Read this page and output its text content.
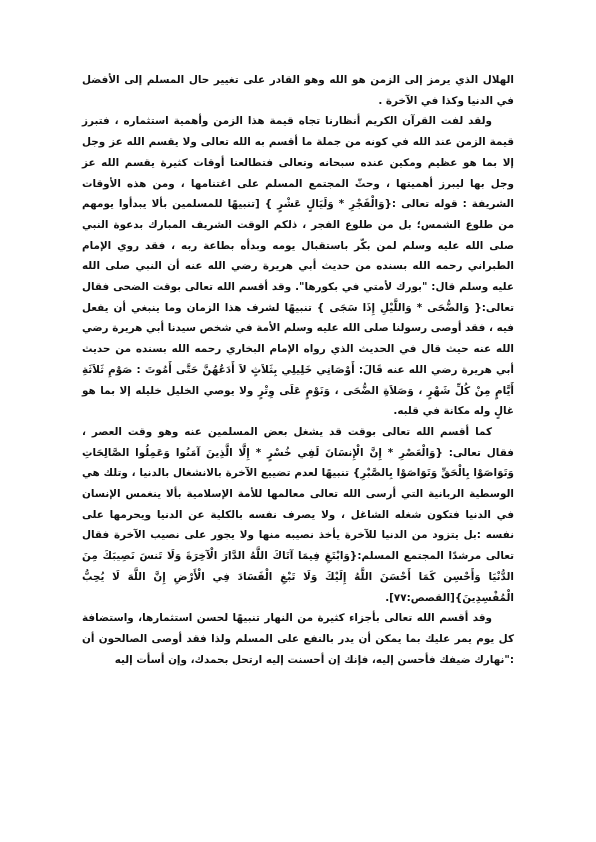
الهلال الذي يرمز إلى الزمن هو الله وهو القادر على تغيير حال المسلم إلى الأفضل في الدنيا وكذا في الآخرة .

ولقد لفت القرآن الكريم أنظارنا تجاه قيمة هذا الزمن وأهمية استثماره ، فتبرز قيمة الزمن عند الله في كونه من جملة ما أقسم به الله تعالى ولا يقسم الله عز وجل إلا بما هو عظيم ومكين عنده سبحانه وتعالى فتطالعنا أوقات كثيرة يقسم الله عز وجل بها ليبرز أهميتها ، وحثّ المجتمع المسلم على اغتنامها ، ومن هذه الأوقات الشريفة : قوله تعالى :{وَالْفَجْرِ * وَلَيَالٍ عَشْرٍ } [تنبيهًا للمسلمين بألا يبدأوا يومهم من طلوع الشمس؛ بل من طلوع الفجر ، ذلكم الوقت الشريف المبارك بدعوة النبي صلى الله عليه وسلم لمن بكّر باستقبال يومه وبدأه بطاعة ربه ، فقد روي الإمام الطبراني رحمه الله بسنده من حديث أبي هريرة رضي الله عنه أن النبي صلى الله عليه وسلم قال: "بورك لأمتي في بكورها". وقد أقسم الله تعالى بوقت الضحى فقال تعالى:{ وَالضُّحَى * وَاللَّيْلِ إِذَا سَجَى } تنبيهًا لشرف هذا الزمان وما ينبغي أن يفعل فيه ، فقد أوصى رسولنا صلى الله عليه وسلم الأمة في شخص سيدنا أبي هريرة رضي الله عنه حيث قال في الحديث الذي رواه الإمام البخاري رحمه الله بسنده من حديث أبي هريرة رضي الله عنه قَالَ: أَوْصَانِي خَلِيلِي بِثَلاَثٍ لاَ أَدَعُهُنَّ حَتَّى أَمُوتَ : صَوْمِ ثَلاَثَةِ أَيَّامٍ مِنْ كُلِّ شَهْرٍ ، وَصَلاَةِ الضُّحَى ، وَنَوْمٍ عَلَى وِتْرٍ ولا يوصي الخليل خليله إلا بما هو غالٍ وله مكانة في قلبه.

كما أقسم الله تعالى بوقت قد يشغل بعض المسلمين عنه وهو وقت العصر ، فقال تعالى: {وَالْعَصْرِ * إِنَّ الْإِنسَانَ لَفِي خُسْرٍ * إِلَّا الَّذِينَ آمَنُوا وَعَمِلُوا الصَّالِحَاتِ وَتَوَاصَوْا بِالْحَقِّ وَتَوَاصَوْا بِالصَّبْرِ} تنبيهًا لعدم تضييع الآخرة بالانشغال بالدنيا ، وتلك هي الوسطية الربانية التي أرسى الله تعالى معالمها للأمة الإسلامية بألا ينغمس الإنسان في الدنيا فتكون شغله الشاغل ، ولا يصرف نفسه بالكلية عن الدنيا ويحرمها على نفسه :بل يتزود من الدنيا للآخرة يأخذ نصيبه منها ولا يجور على نصيب الآخرة فقال تعالى مرشدًا المجتمع المسلم:{وَابْتَغِ فِيمَا آتَاكَ اللَّهُ الدَّارَ الْآخِرَةَ وَلَا تَنسَ نَصِيبَكَ مِنَ الدُّنْيَا وَأَحْسِن كَمَا أَحْسَنَ اللَّهُ إِلَيْكَ وَلَا تَبْغِ الْفَسَادَ فِي الْأَرْضِ إِنَّ اللَّهَ لَا يُحِبُّ الْمُفْسِدِينَ}[القصص:٧٧].

وقد أقسم الله تعالى بأجزاء كثيرة من النهار تنبيهًا لحسن استثمارها، واستضافة كل يوم يمر عليك بما يمكن أن يدر بالنفع على المسلم ولذا فقد أوصى الصالحون أن :"نهارك ضيفك فأحسن إليه، فإنك إن أحسنت إليه ارتحل بحمدك، وإن أسأت إليه
